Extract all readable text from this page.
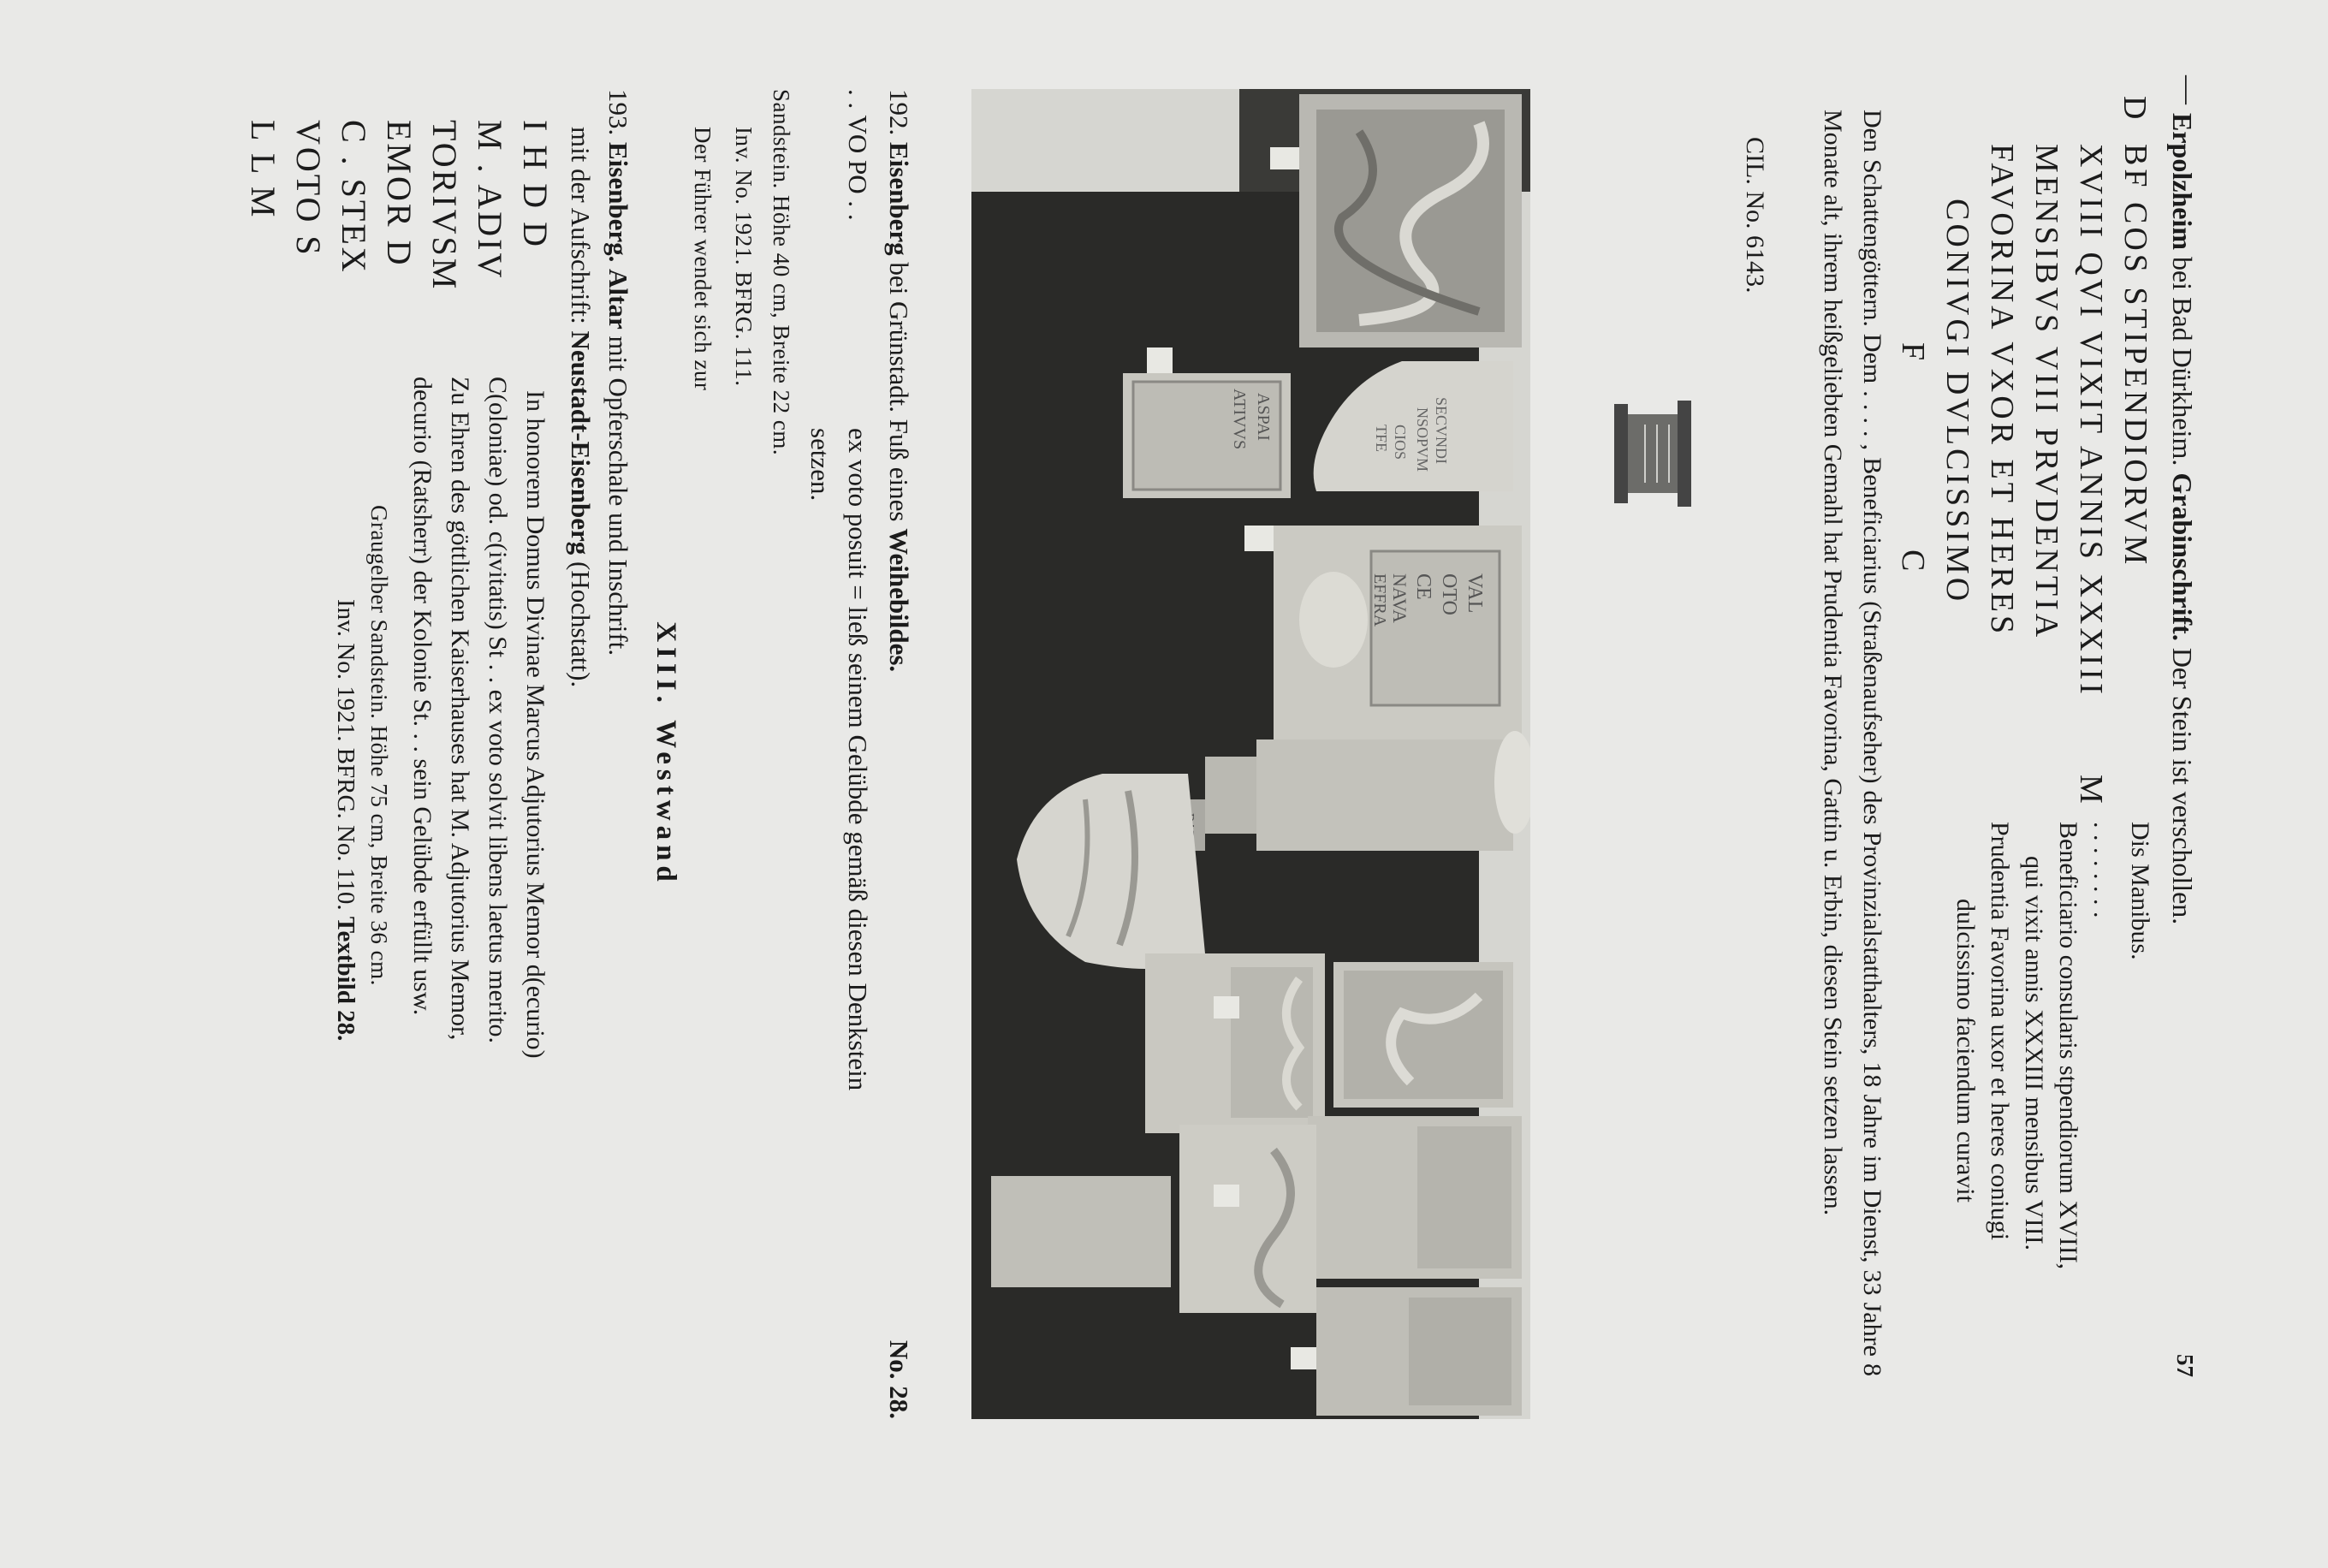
57
—
Erpolzheim bei Bad Dürkheim. Grabinschrift. Der Stein ist verschollen.
D
BF COS STIPENDIORVM
XVIII QVI VIXIT ANNIS XXXIII
M
MENSIBVS VIII PRVDENTIA
FAVORINA VXOR ET HERES
CONIVGI DVLCISSIMO
F
C
Dis Manibus.
. . . . . . . .
Beneficiario consularis stpendiorum XVIII,
qui vixit annis XXXIII mensibus VIII.
Prudentia Favorina uxor et heres coniugi
dulcissimo faciendum curavit
Den Schattengöttern. Dem . . . . , Beneficiarius (Straßenaufseher) des Provinzialstatthalters, 18 Jahre im Dienst, 33 Jahre 8 Monate alt, ihrem heißgeliebten Gemahl hat Prudentia Favorina, Gattin u. Erbin, diesen Stein setzen lassen.
CIL. No. 6143.
ASPAI
ATIVVS	SECVNDI
NSOPVM
CIOS
TFE
VAL
OTO
CE
NAVA
EFFRA
192. Eisenberg bei Grünstadt. Fuß eines Weihebildes.
No. 28.
. . VO PO . .
ex voto posuit = ließ seinem Gelübde gemäß diesen Denkstein
setzen.
Sandstein. Höhe 40 cm, Breite 22 cm.
Inv. No. 1921. BFRG. 111.
Der Führer wendet sich zur
XIII. Westwand
193. Eisenberg. Altar mit Opferschale und Inschrift.
mit der Aufschrift: Neustadt-Eisenberg (Hochstatt).
I H D D
M . ADIV
TORIVSM
EMOR D
C . STEX
VOTO S
L L M
In honorem Domus Divinae Marcus Adjutorius Memor d(ecurio)
C(oloniae) od. c(ivitatis) St . . ex voto solvit libens laetus merito.
Zu Ehren des göttlichen Kaiserhauses hat M. Adjutorius Memor,
decurio (Ratsherr) der Kolonie St. . . sein Gelübde erfüllt usw.
Graugelber Sandstein. Höhe 75 cm, Breite 36 cm.
Inv. No. 1921. BFRG. No. 110. Textbild 28.
